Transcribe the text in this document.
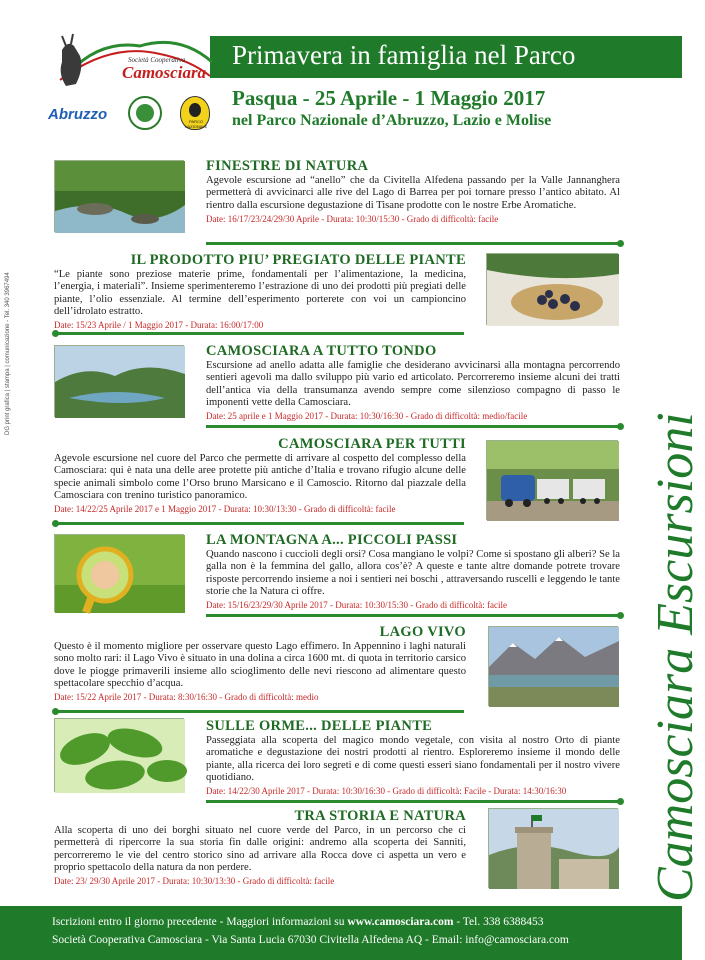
Primavera in famiglia nel Parco
Pasqua - 25 Aprile - 1 Maggio 2017
nel Parco Nazionale d’Abruzzo, Lazio e Molise
Società Cooperativa
Camosciara
Abruzzo	PARCO NAZIONALE
DG print grafica | stampa | comunicazione - Tel. 340 3967494
Camosciara Escursioni
FINESTRE DI NATURA
Agevole escursione ad “anello” che da Civitella Alfedena passando per la Valle Jannanghera permetterà di avvicinarci alle rive del Lago di Barrea per poi tornare presso l’antico abitato. Al rientro dalla escursione degustazione di Tisane prodotte con le nostre Erbe Aromatiche.
Date: 16/17/23/24/29/30 Aprile - Durata: 10:30/15:30 - Grado di difficoltà: facile
IL PRODOTTO PIU’ PREGIATO DELLE PIANTE
“Le piante sono preziose materie prime, fondamentali per l’alimentazione, la medicina, l’energia, i materiali”. Insieme sperimenteremo l’estrazione di uno dei prodotti più pregiati delle piante, l’olio essenziale. Al termine dell’esperimento porterete con voi un campioncino dell’idrolato estratto.
Date: 15/23 Aprile / 1 Maggio 2017 - Durata: 16:00/17:00
CAMOSCIARA A TUTTO TONDO
Escursione ad anello adatta alle famiglie che desiderano avvicinarsi alla montagna percorrendo sentieri agevoli ma dallo sviluppo più vario ed articolato. Percorreremo insieme alcuni dei tratti dell’antica via della transumanza avendo sempre come silenzioso compagno di passo le imponenti vette della Camosciara.
Date: 25 aprile e 1 Maggio 2017 - Durata: 10:30/16:30 - Grado di difficoltà: medio/facile
CAMOSCIARA PER TUTTI
Agevole escursione nel cuore del Parco che permette di arrivare al cospetto del complesso della Camosciara: qui è nata una delle aree protette più antiche d’Italia e trovano rifugio alcune delle specie animali simbolo come l’Orso bruno Marsicano e il Camoscio. Ritorno dal piazzale della Camosciara con trenino turistico panoramico.
Date: 14/22/25 Aprile 2017 e 1 Maggio 2017 - Durata: 10:30/13:30 - Grado di difficoltà: facile
LA MONTAGNA A... PICCOLI PASSI
Quando nascono i cuccioli degli orsi? Cosa mangiano le volpi? Come si spostano gli alberi? Se la galla non è la femmina del gallo, allora cos’è? A queste e tante altre domande potrete trovare risposte percorrendo insieme a noi i sentieri nei boschi , attraversando ruscelli e leggendo le tante storie che la Natura ci offre.
Date: 15/16/23/29/30 Aprile 2017 - Durata: 10:30/15:30 - Grado di difficoltà: facile
LAGO VIVO
Questo è il momento migliore per osservare questo Lago effimero. In Appennino i laghi naturali sono molto rari: il Lago Vivo è situato in una dolina a circa 1600 mt. di quota in territorio carsico dove le piogge primaverili insieme allo scioglimento delle nevi riescono ad alimentare questo spettacolare specchio d’acqua.
Date: 15/22 Aprile 2017 - Durata: 8:30/16:30 - Grado di difficoltà: medio
SULLE ORME... DELLE PIANTE
Passeggiata alla scoperta del magico mondo vegetale, con visita al nostro Orto di piante aromatiche e degustazione dei nostri prodotti al rientro. Esploreremo insieme il mondo delle piante, alla ricerca dei loro segreti e di come questi esseri siano fondamentali per il nostro vivere quotidiano.
Date: 14/22/30 Aprile 2017 - Durata: 10:30/16:30 - Grado di difficoltà: Facile - Durata: 14:30/16:30
TRA STORIA E NATURA
Alla scoperta di uno dei borghi situato nel cuore verde del Parco, in un percorso che ci permetterà di ripercorre la sua storia fin dalle origini: andremo alla scoperta dei Sanniti, percorreremo le vie del centro storico sino ad arrivare alla Rocca dove ci aspetta un vero e proprio spettacolo della natura da non perdere.
Date: 23/ 29/30 Aprile 2017 - Durata: 10:30/13:30 - Grado di difficoltà: facile
Iscrizioni entro il giorno precedente - Maggiori informazioni su www.camosciara.com - Tel. 338 6388453
Società Cooperativa Camosciara - Via Santa Lucia 67030 Civitella Alfedena AQ - Email: info@camosciara.com
